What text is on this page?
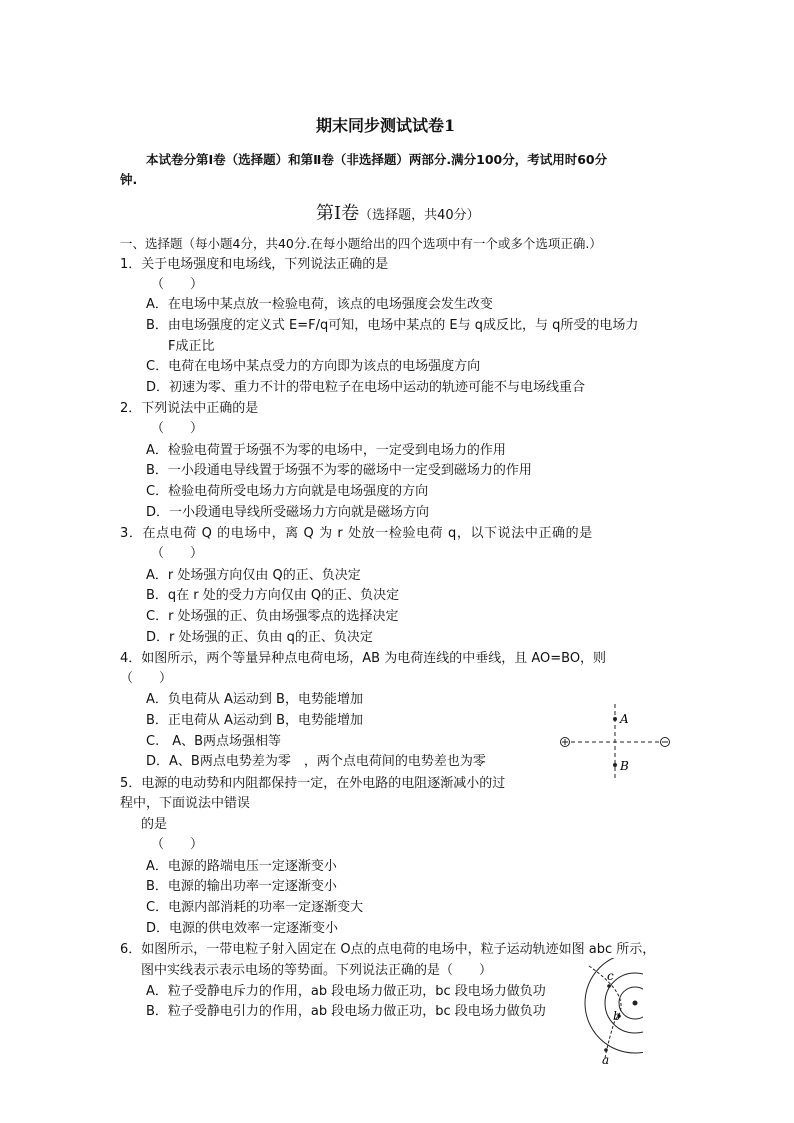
期末同步测试试卷1
本试卷分第Ⅰ卷（选择题）和第Ⅱ卷（非选择题）两部分.满分100分，考试用时60分
钟.
第Ⅰ卷（选择题，共40分）
一、选择题（每小题4分，共40分.在每小题给出的四个选项中有一个或多个选项正确.）
1．关于电场强度和电场线，下列说法正确的是
（　　）
A．在电场中某点放一检验电荷，该点的电场强度会发生改变
B．由电场强度的定义式 E=F/q可知，电场中某点的 E与 q成反比，与 q所受的电场力
F成正比
C．电荷在电场中某点受力的方向即为该点的电场强度方向
D．初速为零、重力不计的带电粒子在电场中运动的轨迹可能不与电场线重合
2．下列说法中正确的是
（　　）
A．检验电荷置于场强不为零的电场中，一定受到电场力的作用
B．一小段通电导线置于场强不为零的磁场中一定受到磁场力的作用
C．检验电荷所受电场力方向就是电场强度的方向
D．一小段通电导线所受磁场力方向就是磁场方向
3．在点电荷 Q 的电场中，离 Q 为 r 处放一检验电荷 q，以下说法中正确的是
（　　）
A．r 处场强方向仅由 Q的正、负决定
B．q在 r 处的受力方向仅由 Q的正、负决定
C．r 处场强的正、负由场强零点的选择决定
D．r 处场强的正、负由 q的正、负决定
4．如图所示，两个等量异种点电荷电场，AB 为电荷连线的中垂线，且 AO=BO，则
（　　）
A．负电荷从 A运动到 B，电势能增加
B．正电荷从 A运动到 B，电势能增加
C.　A、B两点场强相等
D．A、B两点电势差为零　，两个点电荷间的电势差也为零
A
B
5．电源的电动势和内阻都保持一定，在外电路的电阻逐渐减小的过
程中，下面说法中错误
的是
（　　）
A．电源的路端电压一定逐渐变小
B．电源的输出功率一定逐渐变小
C．电源内部消耗的功率一定逐渐变大
D．电源的供电效率一定逐渐变小
6．如图所示，一带电粒子射入固定在 O点的点电荷的电场中，粒子运动轨迹如图 abc 所示，
图中实线表示表示电场的等势面。下列说法正确的是（　　）
A．粒子受静电斥力的作用，ab 段电场力做正功，bc 段电场力做负功
B．粒子受静电引力的作用，ab 段电场力做正功，bc 段电场力做负功
c
b
a
